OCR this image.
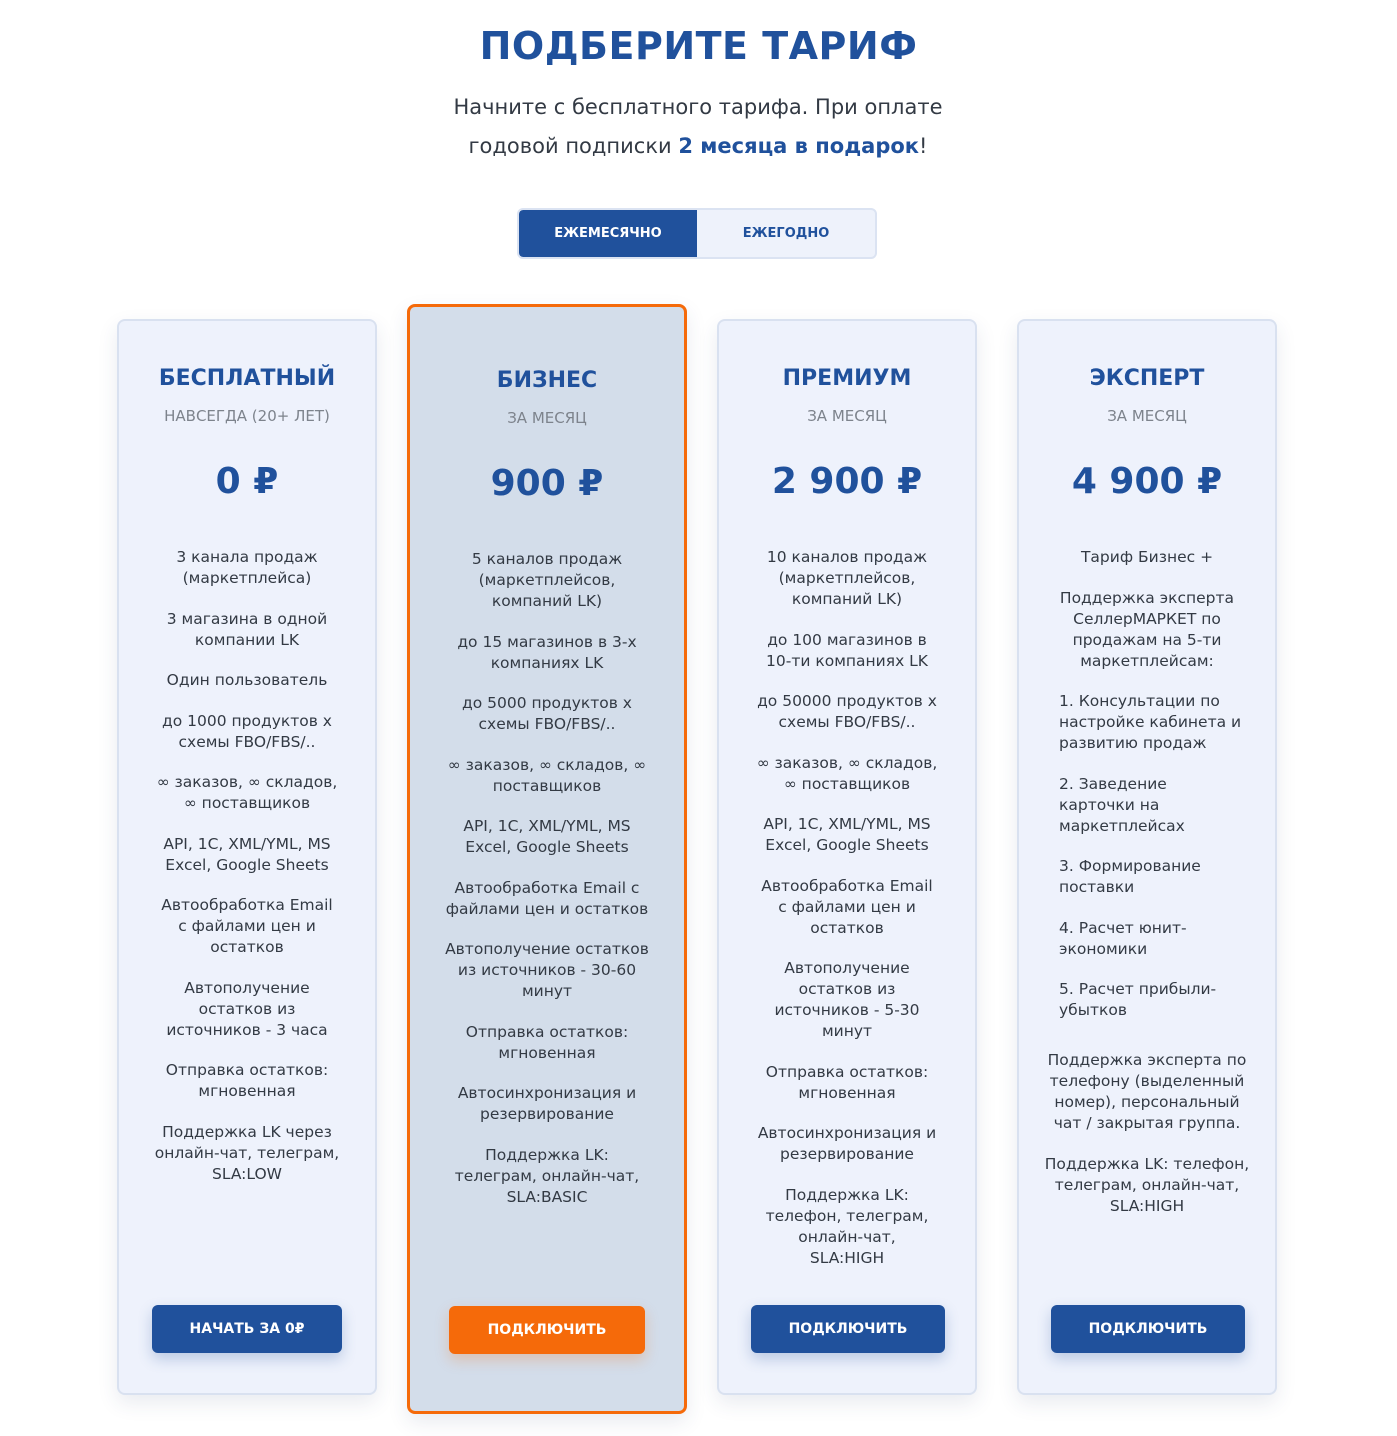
ПОДБЕРИТЕ ТАРИФ
Начните с бесплатного тарифа. При оплате
годовой подписки 2 месяца в подарок!
ЕЖЕМЕСЯЧНО	ЕЖЕГОДНО
БЕСПЛАТНЫЙ
НАВСЕГДА (20+ ЛЕТ)
0 ₽
3 канала продаж
(маркетплейса)
3 магазина в одной
компании LK
Один пользователь
до 1000 продуктов х
схемы FBO/FBS/..
∞ заказов, ∞ складов,
∞ поставщиков
API, 1С, XML/YML, MS
Excel, Google Sheets
Автообработка Email
с файлами цен и
остатков
Автополучение
остатков из
источников - 3 часа
Отправка остатков:
мгновенная
Поддержка LK через
онлайн-чат, телеграм,
SLA:LOW
НАЧАТЬ ЗА 0₽
БИЗНЕС
ЗА МЕСЯЦ
900 ₽
5 каналов продаж
(маркетплейсов,
компаний LK)
до 15 магазинов в 3-х
компаниях LK
до 5000 продуктов х
схемы FBO/FBS/..
∞ заказов, ∞ складов, ∞
поставщиков
API, 1С, XML/YML, MS
Excel, Google Sheets
Автообработка Email с
файлами цен и остатков
Автополучение остатков
из источников - 30-60
минут
Отправка остатков:
мгновенная
Автосинхронизация и
резервирование
Поддержка LK:
телеграм, онлайн-чат,
SLA:BASIC
ПОДКЛЮЧИТЬ
ПРЕМИУМ
ЗА МЕСЯЦ
2 900 ₽
10 каналов продаж
(маркетплейсов,
компаний LK)
до 100 магазинов в
10-ти компаниях LK
до 50000 продуктов х
схемы FBO/FBS/..
∞ заказов, ∞ складов,
∞ поставщиков
API, 1С, XML/YML, MS
Excel, Google Sheets
Автообработка Email
с файлами цен и
остатков
Автополучение
остатков из
источников - 5-30
минут
Отправка остатков:
мгновенная
Автосинхронизация и
резервирование
Поддержка LK:
телефон, телеграм,
онлайн-чат,
SLA:HIGH
ПОДКЛЮЧИТЬ
ЭКСПЕРТ
ЗА МЕСЯЦ
4 900 ₽
Тариф Бизнес +
Поддержка эксперта
СеллерМАРКЕТ по
продажам на 5-ти
маркетплейсам:
1. Консультации по
настройке кабинета и
развитию продаж
2. Заведение
карточки на
маркетплейсах
3. Формирование
поставки
4. Расчет юнит-
экономики
5. Расчет прибыли-
убытков
Поддержка эксперта по
телефону (выделенный
номер), персональный
чат / закрытая группа.
Поддержка LK: телефон,
телеграм, онлайн-чат,
SLA:HIGH
ПОДКЛЮЧИТЬ
